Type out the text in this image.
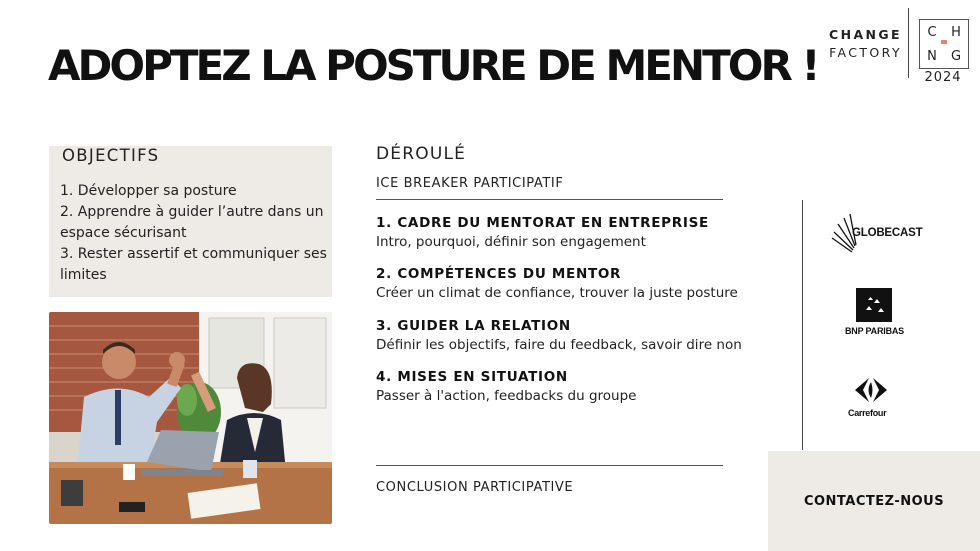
ADOPTEZ LA POSTURE DE MENTOR !
CHANGE
FACTORY
C	H
N	G
2024
OBJECTIFS
1. Développer sa posture
2. Apprendre à guider l’autre dans un espace sécurisant
3. Rester assertif et communiquer ses limites
DÉROULÉ
ICE BREAKER PARTICIPATIF
1. CADRE DU MENTORAT EN ENTREPRISE
Intro, pourquoi, définir son engagement
2. COMPÉTENCES DU MENTOR
Créer un climat de confiance, trouver la juste posture
3. GUIDER LA RELATION
Définir les objectifs, faire du feedback, savoir dire non
4. MISES EN SITUATION
Passer à l'action, feedbacks du groupe
CONCLUSION PARTICIPATIVE
GLOBECAST
BNP PARIBAS
Carrefour
CONTACTEZ-NOUS
